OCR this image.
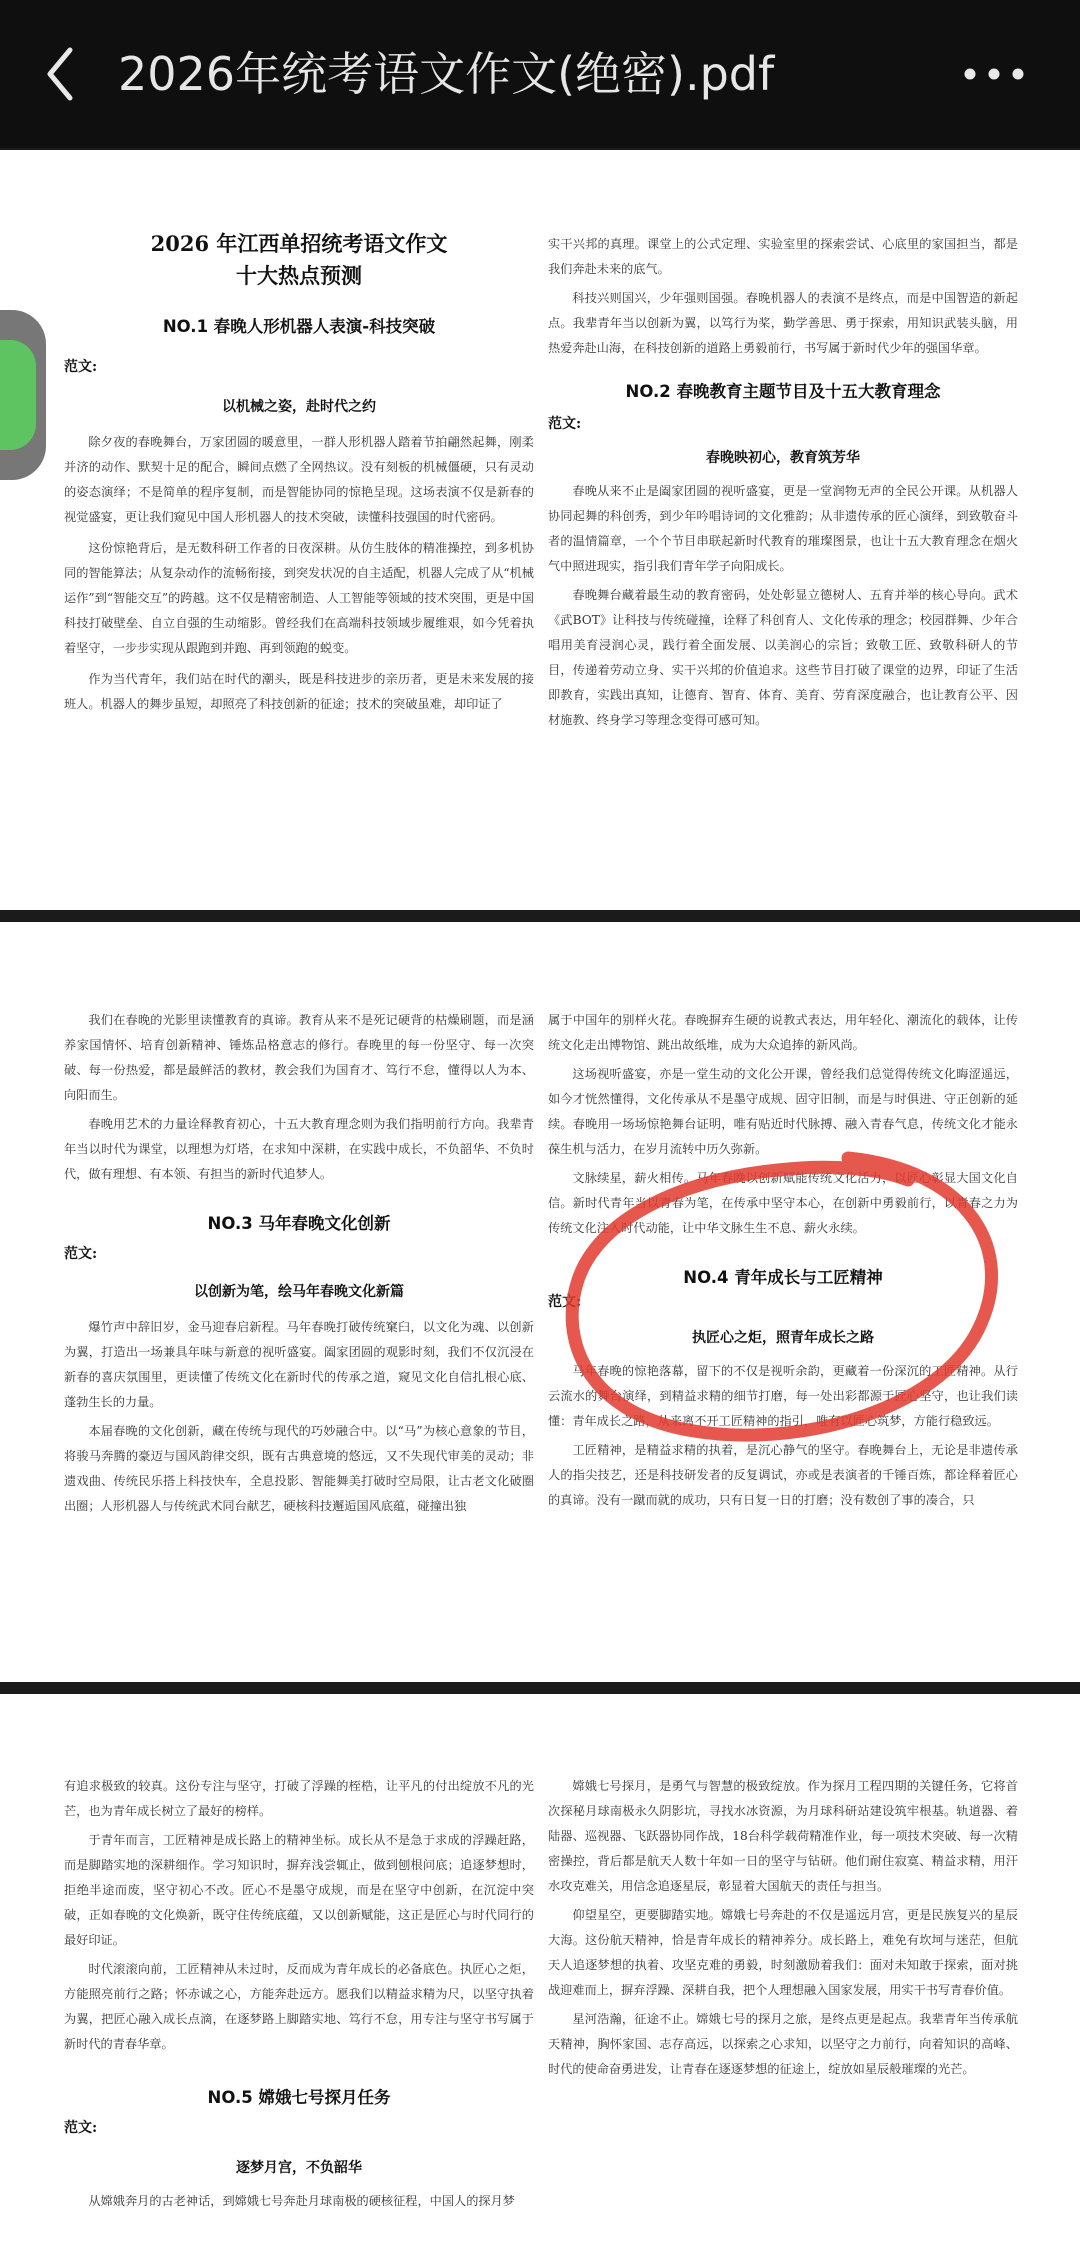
2026年统考语文作文(绝密).pdf

2026 年江西单招统考语文作文

十大热点预测

NO.1 春晚人形机器人表演-科技突破

范文:

以机械之姿，赴时代之约

除夕夜的春晚舞台，万家团圆的暖意里，一群人形机器人踏着节拍翩然起舞，刚柔并济的动作、默契十足的配合，瞬间点燃了全网热议。没有刻板的机械僵硬，只有灵动的姿态演绎；不是简单的程序复制，而是智能协同的惊艳呈现。这场表演不仅是新春的视觉盛宴，更让我们窥见中国人形机器人的技术突破，读懂科技强国的时代密码。

这份惊艳背后，是无数科研工作者的日夜深耕。从仿生肢体的精准操控，到多机协同的智能算法；从复杂动作的流畅衔接，到突发状况的自主适配，机器人完成了从“机械运作”到“智能交互”的跨越。这不仅是精密制造、人工智能等领域的技术突围，更是中国科技打破壁垒、自立自强的生动缩影。曾经我们在高端科技领域步履维艰，如今凭着执着坚守，一步步实现从跟跑到并跑、再到领跑的蜕变。

作为当代青年，我们站在时代的潮头，既是科技进步的亲历者，更是未来发展的接班人。机器人的舞步虽短，却照亮了科技创新的征途；技术的突破虽难，却印证了

实干兴邦的真理。课堂上的公式定理、实验室里的探索尝试、心底里的家国担当，都是我们奔赴未来的底气。

科技兴则国兴，少年强则国强。春晚机器人的表演不是终点，而是中国智造的新起点。我辈青年当以创新为翼，以笃行为桨，勤学善思、勇于探索，用知识武装头脑，用热爱奔赴山海，在科技创新的道路上勇毅前行，书写属于新时代少年的强国华章。

NO.2 春晚教育主题节目及十五大教育理念

范文:

春晚映初心，教育筑芳华

春晚从来不止是阖家团圆的视听盛宴，更是一堂润物无声的全民公开课。从机器人协同起舞的科创秀，到少年吟唱诗词的文化雅韵；从非遗传承的匠心演绎，到致敬奋斗者的温情篇章，一个个节目串联起新时代教育的璀璨图景，也让十五大教育理念在烟火气中照进现实，指引我们青年学子向阳成长。

春晚舞台藏着最生动的教育密码，处处彰显立德树人、五育并举的核心导向。武术《武BOT》让科技与传统碰撞，诠释了科创育人、文化传承的理念；校园群舞、少年合唱用美育浸润心灵，践行着全面发展、以美润心的宗旨；致敬工匠、致敬科研人的节目，传递着劳动立身、实干兴邦的价值追求。这些节目打破了课堂的边界，印证了生活即教育，实践出真知，让德育、智育、体育、美育、劳育深度融合，也让教育公平、因材施教、终身学习等理念变得可感可知。

我们在春晚的光影里读懂教育的真谛。教育从来不是死记硬背的枯燥刷题，而是涵养家国情怀、培育创新精神、锤炼品格意志的修行。春晚里的每一份坚守、每一次突破、每一份热爱，都是最鲜活的教材，教会我们为国育才、笃行不怠，懂得以人为本、向阳而生。

春晚用艺术的力量诠释教育初心，十五大教育理念则为我们指明前行方向。我辈青年当以时代为课堂，以理想为灯塔，在求知中深耕，在实践中成长，不负韶华、不负时代，做有理想、有本领、有担当的新时代追梦人。

NO.3 马年春晚文化创新

范文:

以创新为笔，绘马年春晚文化新篇

爆竹声中辞旧岁，金马迎春启新程。马年春晚打破传统窠臼，以文化为魂、以创新为翼，打造出一场兼具年味与新意的视听盛宴。阖家团圆的观影时刻，我们不仅沉浸在新春的喜庆氛围里，更读懂了传统文化在新时代的传承之道，窥见文化自信扎根心底、蓬勃生长的力量。

本届春晚的文化创新，藏在传统与现代的巧妙融合中。以“马”为核心意象的节目，将骏马奔腾的豪迈与国风韵律交织，既有古典意境的悠远，又不失现代审美的灵动；非遗戏曲、传统民乐搭上科技快车，全息投影、智能舞美打破时空局限，让古老文化破圈出圈；人形机器人与传统武术同台献艺，硬核科技邂逅国风底蕴，碰撞出独

属于中国年的别样火花。春晚摒弃生硬的说教式表达，用年轻化、潮流化的载体，让传统文化走出博物馆、跳出故纸堆，成为大众追捧的新风尚。

这场视听盛宴，亦是一堂生动的文化公开课，曾经我们总觉得传统文化晦涩遥远，如今才恍然懂得，文化传承从不是墨守成规、固守旧制，而是与时俱进、守正创新的延续。春晚用一场场惊艳舞台证明，唯有贴近时代脉搏、融入青春气息，传统文化才能永葆生机与活力，在岁月流转中历久弥新。

文脉续星，薪火相传。马年春晚以创新赋能传统文化活力，以匠心彰显大国文化自信。新时代青年当以青春为笔，在传承中坚守本心，在创新中勇毅前行，以青春之力为传统文化注入时代动能，让中华文脉生生不息、薪火永续。

NO.4 青年成长与工匠精神

范文:

执匠心之炬，照青年成长之路

马年春晚的惊艳落幕，留下的不仅是视听余韵，更藏着一份深沉的工匠精神。从行云流水的舞台演绎，到精益求精的细节打磨，每一处出彩都源于匠心坚守，也让我们读懂：青年成长之路，从来离不开工匠精神的指引，唯有以匠心筑梦，方能行稳致远。

工匠精神，是精益求精的执着，是沉心静气的坚守。春晚舞台上，无论是非遗传承人的指尖技艺，还是科技研发者的反复调试，亦或是表演者的千锤百炼，都诠释着匠心的真谛。没有一蹴而就的成功，只有日复一日的打磨；没有数创了事的凑合，只

有追求极致的较真。这份专注与坚守，打破了浮躁的桎梏，让平凡的付出绽放不凡的光芒，也为青年成长树立了最好的榜样。

于青年而言，工匠精神是成长路上的精神坐标。成长从不是急于求成的浮躁赶路，而是脚踏实地的深耕细作。学习知识时，摒弃浅尝辄止，做到刨根问底；追逐梦想时，拒绝半途而废，坚守初心不改。匠心不是墨守成规，而是在坚守中创新，在沉淀中突破，正如春晚的文化焕新，既守住传统底蕴，又以创新赋能，这正是匠心与时代同行的最好印证。

时代滚滚向前，工匠精神从未过时，反而成为青年成长的必备底色。执匠心之炬，方能照亮前行之路；怀赤诚之心，方能奔赴远方。愿我们以精益求精为尺，以坚守执着为翼，把匠心融入成长点滴，在逐梦路上脚踏实地、笃行不怠，用专注与坚守书写属于新时代的青春华章。

NO.5 嫦娥七号探月任务

范文:

逐梦月宫，不负韶华

从嫦娥奔月的古老神话，到嫦娥七号奔赴月球南极的硬核征程，中国人的探月梦

嫦娥七号探月，是勇气与智慧的极致绽放。作为探月工程四期的关键任务，它将首次探秘月球南极永久阴影坑，寻找水冰资源，为月球科研站建设筑牢根基。轨道器、着陆器、巡视器、飞跃器协同作战，18台科学载荷精准作业，每一项技术突破、每一次精密操控，背后都是航天人数十年如一日的坚守与钻研。他们耐住寂寞、精益求精，用汗水攻克难关，用信念追逐星辰，彰显着大国航天的责任与担当。

仰望星空，更要脚踏实地。嫦娥七号奔赴的不仅是遥远月宫，更是民族复兴的星辰大海。这份航天精神，恰是青年成长的精神养分。成长路上，难免有坎坷与迷茫，但航天人追逐梦想的执着、攻坚克难的勇毅，时刻激励着我们：面对未知敢于探索，面对挑战迎难而上，摒弃浮躁、深耕自我，把个人理想融入国家发展，用实干书写青春价值。

星河浩瀚，征途不止。嫦娥七号的探月之旅，是终点更是起点。我辈青年当传承航天精神，胸怀家国、志存高远，以探索之心求知，以坚守之力前行，向着知识的高峰、时代的使命奋勇进发，让青春在逐逐梦想的征途上，绽放如星辰般璀璨的光芒。
